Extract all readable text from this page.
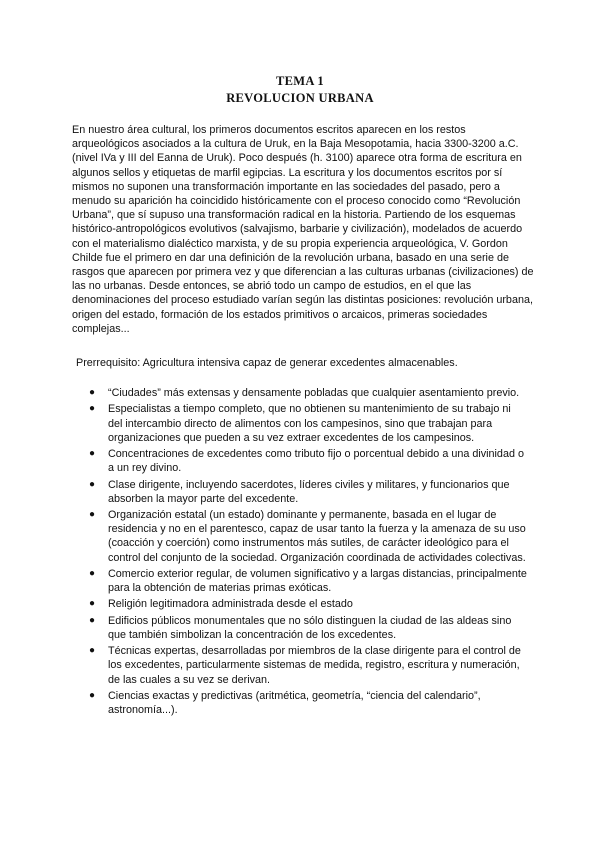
TEMA 1
REVOLUCION URBANA

En nuestro área cultural, los primeros documentos escritos aparecen en los restos arqueológicos asociados a la cultura de Uruk, en la Baja Mesopotamia, hacia 3300-3200 a.C. (nivel IVa y III del Eanna de Uruk). Poco después (h. 3100) aparece otra forma de escritura en algunos sellos y etiquetas de marfil egipcias. La escritura y los documentos escritos por sí mismos no suponen una transformación importante en las sociedades del pasado, pero a menudo su aparición ha coincidido históricamente con el proceso conocido como “Revolución Urbana”, que sí supuso una transformación radical en la historia. Partiendo de los esquemas histórico-antropológicos evolutivos (salvajismo, barbarie y civilización), modelados de acuerdo con el materialismo dialéctico marxista, y de su propia experiencia arqueológica, V. Gordon Childe fue el primero en dar una definición de la revolución urbana, basado en una serie de rasgos que aparecen por primera vez y que diferencian a las culturas urbanas (civilizaciones) de las no urbanas. Desde entonces, se abrió todo un campo de estudios, en el que las denominaciones del proceso estudiado varían según las distintas posiciones: revolución urbana, origen del estado, formación de los estados primitivos o arcaicos, primeras sociedades complejas...

Prerrequisito: Agricultura intensiva capaz de generar excedentes almacenables.

● “Ciudades” más extensas y densamente pobladas que cualquier asentamiento previo.
● Especialistas a tiempo completo, que no obtienen su mantenimiento de su trabajo ni del intercambio directo de alimentos con los campesinos, sino que trabajan para organizaciones que pueden a su vez extraer excedentes de los campesinos.
● Concentraciones de excedentes como tributo fijo o porcentual debido a una divinidad o a un rey divino.
● Clase dirigente, incluyendo sacerdotes, líderes civiles y militares, y funcionarios que absorben la mayor parte del excedente.
● Organización estatal (un estado) dominante y permanente, basada en el lugar de residencia y no en el parentesco, capaz de usar tanto la fuerza y la amenaza de su uso (coacción y coerción) como instrumentos más sutiles, de carácter ideológico para el control del conjunto de la sociedad. Organización coordinada de actividades colectivas.
● Comercio exterior regular, de volumen significativo y a largas distancias, principalmente para la obtención de materias primas exóticas.
● Religión legitimadora administrada desde el estado
● Edificios públicos monumentales que no sólo distinguen la ciudad de las aldeas sino que también simbolizan la concentración de los excedentes.
● Técnicas expertas, desarrolladas por miembros de la clase dirigente para el control de los excedentes, particularmente sistemas de medida, registro, escritura y numeración, de las cuales a su vez se derivan.
● Ciencias exactas y predictivas (aritmética, geometría, “ciencia del calendario”, astronomía...).
